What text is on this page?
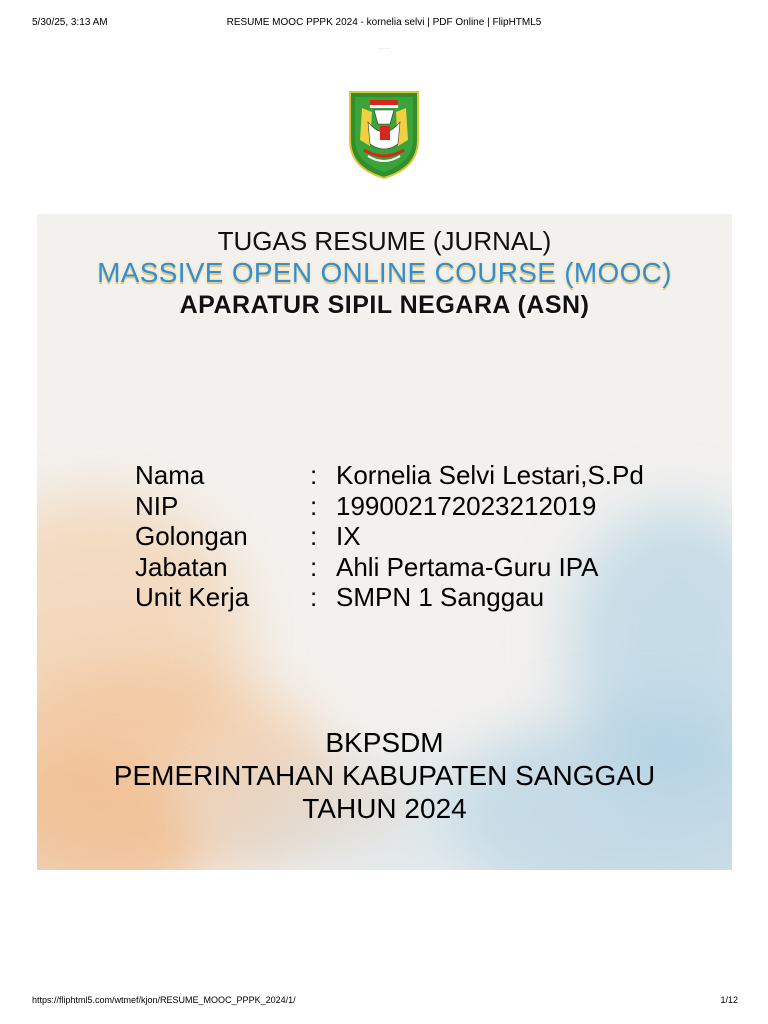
5/30/25, 3:13 AM	RESUME MOOC PPPK 2024 - kornelia selvi | PDF Online | FlipHTML5
...........
TUGAS RESUME (JURNAL)
MASSIVE OPEN ONLINE COURSE (MOOC)
APARATUR SIPIL NEGARA (ASN)
Nama	: Kornelia Selvi Lestari,S.Pd
NIP	: 199002172023212019
Golongan : IX
Jabatan	: Ahli Pertama-Guru IPA
Unit Kerja : SMPN 1 Sanggau
BKPSDM
PEMERINTAHAN KABUPATEN SANGGAU
TAHUN 2024
https://fliphtml5.com/wtmef/kjon/RESUME_MOOC_PPPK_2024/1/	1/12
